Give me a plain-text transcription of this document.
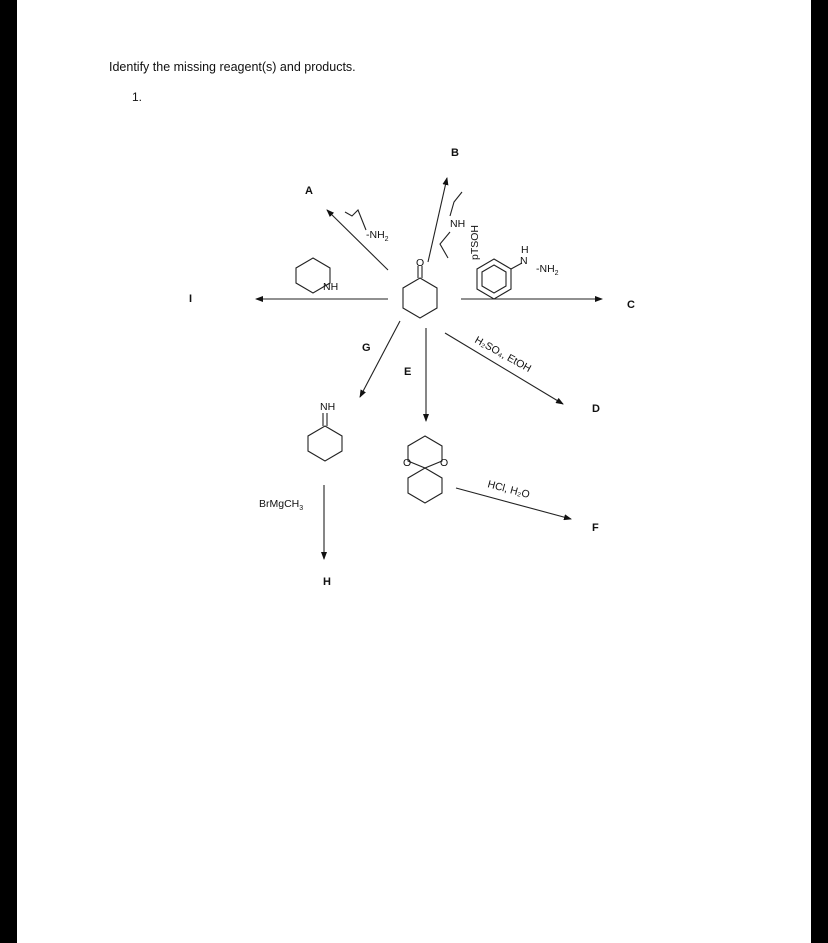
Identify the missing reagent(s) and products.
1.
A
B
C
D
E
F
G
H
I
$-NH_2$
NH
pTSOH
NH
H
N
$-NH_2$
H₂SO₄, EtOH
HCl, H₂O
NH
BrMgCH$_3$
O	O
O
